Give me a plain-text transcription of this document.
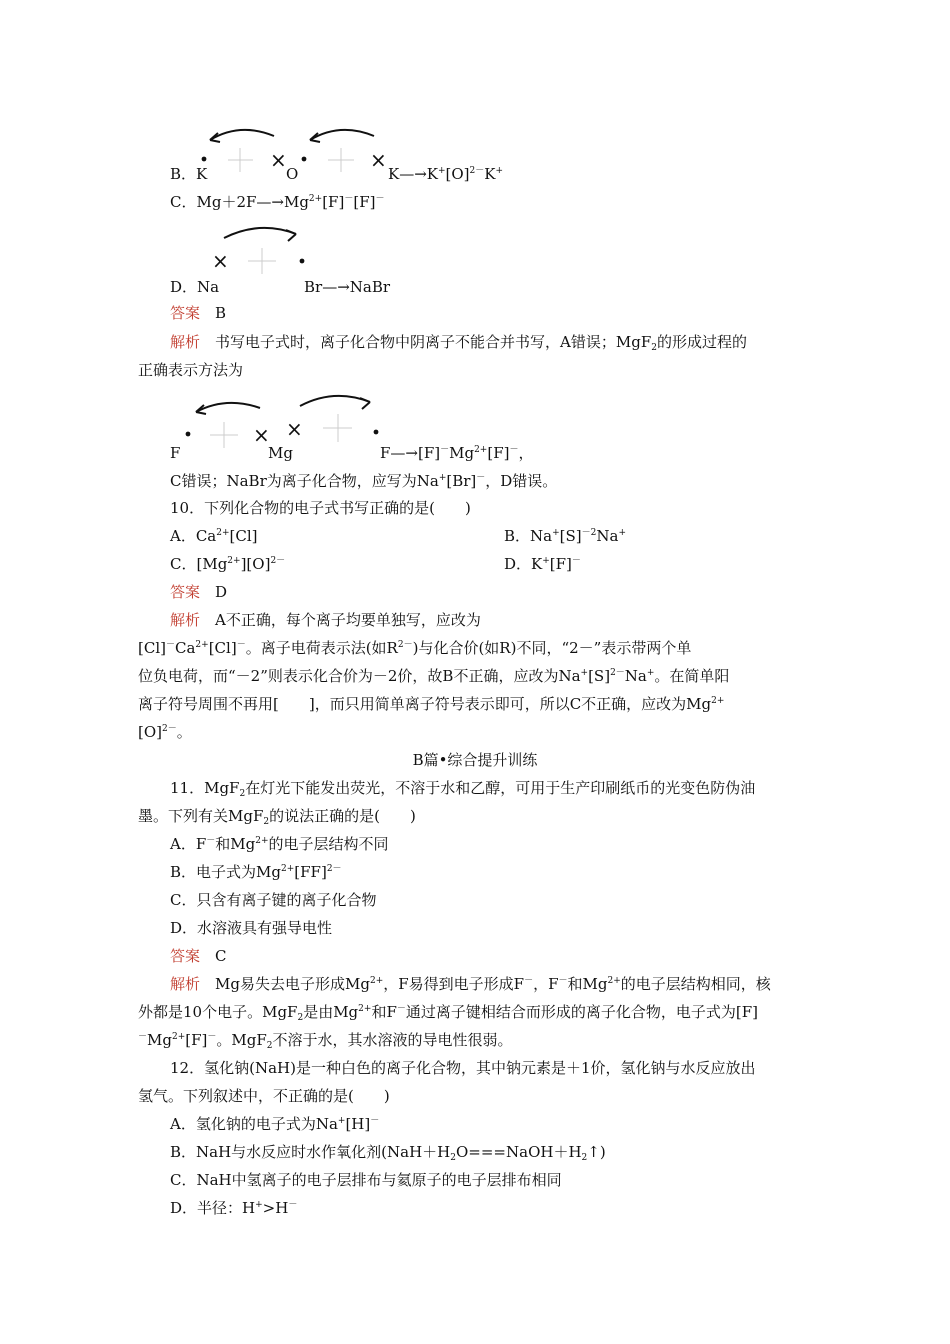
×	×
B．K	O	$K—\to K^+[O]^{2-}K^+$
C．$Mg+2F—\to Mg^{2+}[F]^-[F]^-$
×
D．Na	Br—→NaBr
答案　 B
解析　 书写电子式时，离子化合物中阴离子不能合并书写，A错误；MgF$_2$的形成过程的
正确表示方法为
× ×
F	Mg	$F—\to[F]^-Mg^{2+}[F]^-$，
C错误；NaBr为离子化合物，应写为Na+[Br]－，D错误。
10．下列化合物的电子式书写正确的是(　　)
A．$Ca^{2+}[Cl]$	B．$Na^+[S]^{-2}Na^+$
C．$[Mg^{2+}][O]^{2-}$	D．K+[F]－
答案　 D
解析　 A不正确，每个离子均要单独写，应改为
$[Cl]^-Ca^{2+}[Cl]^-$。离子电荷表示法(如$R^{2-}$)与化合价(如R)不同，“2－”表示带两个单
位负电荷，而“－2”则表示化合价为－2价，故B不正确，应改为$Na^+[S]^{2-}Na^+$。在简单阳
离子符号周围不再用[　　]，而只用简单离子符号表示即可，所以C不正确，应改为$Mg^{2+}$
$[O]^{2-}$。
B篇•综合提升训练
11．MgF$_2$在灯光下能发出荧光，不溶于水和乙醇，可用于生产印刷纸币的光变色防伪油
墨。下列有关MgF$_2$的说法正确的是(　　)
A．F－和$Mg^{2+}$的电子层结构不同
B．电子式为$Mg^{2+}[FF]^{2-}$
C．只含有离子键的离子化合物
D．水溶液具有强导电性
答案　 C
解析　 Mg易失去电子形成$Mg^{2+}$，F易得到电子形成F－，F－和$Mg^{2+}$的电子层结构相同，核
外都是10个电子。MgF$_2$是由$Mg^{2+}$和F－通过离子键相结合而形成的离子化合物，电子式为[F]
$^-Mg^{2+}[F]^-$。MgF$_2$不溶于水，其水溶液的导电性很弱。
12．氢化钠(NaH)是一种白色的离子化合物，其中钠元素是＋1价，氢化钠与水反应放出
氢气。下列叙述中，不正确的是(　　)
A．氢化钠的电子式为Na+[H]－
B．NaH与水反应时水作氧化剂$(NaH+H_2O===NaOH+H_2↑)$
C．NaH中氢离子的电子层排布与氦原子的电子层排布相同
D．半径：H+>H－
